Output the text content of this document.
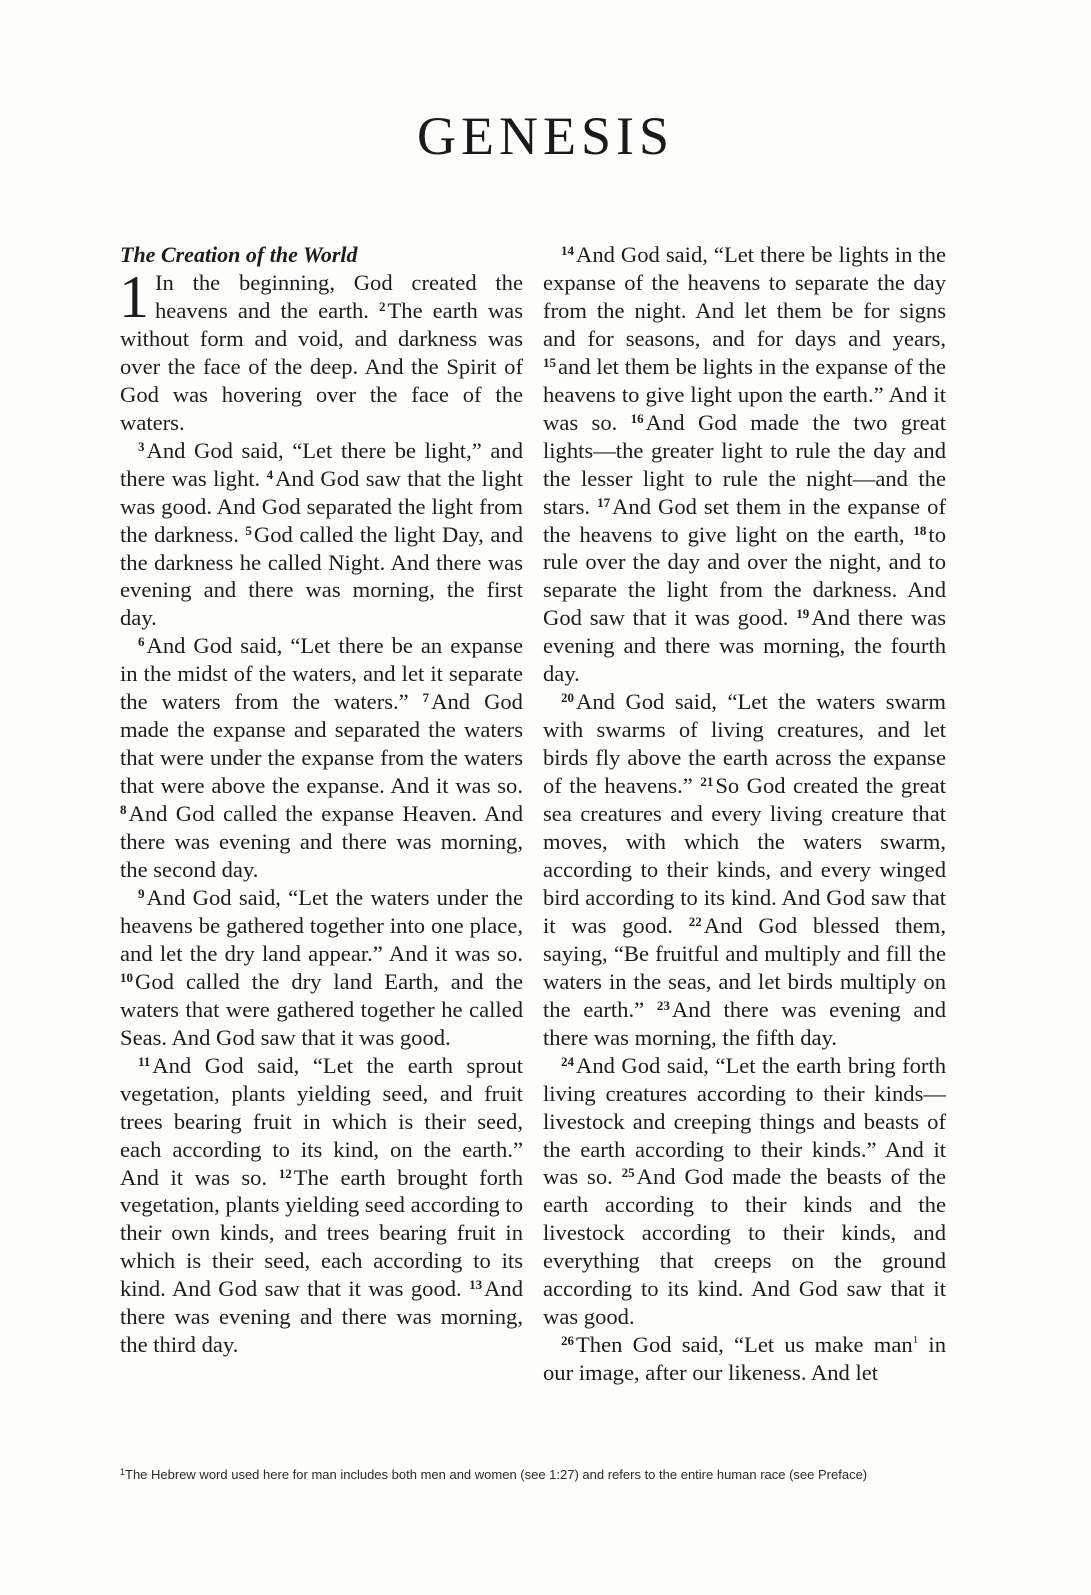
GENESIS
The Creation of the World

1 In the beginning, God created the heavens and the earth. $^2$The earth was without form and void, and darkness was over the face of the deep. And the Spirit of God was hovering over the face of the waters.

$^3$And God said, “Let there be light,” and there was light. $^4$And God saw that the light was good. And God separated the light from the darkness. $^5$God called the light Day, and the darkness he called Night. And there was evening and there was morning, the first day.

$^6$And God said, “Let there be an expanse in the midst of the waters, and let it separate the waters from the waters.” $^7$And God made the expanse and separated the waters that were under the expanse from the waters that were above the expanse. And it was so. $^8$And God called the expanse Heaven. And there was evening and there was morning, the second day.

$^9$And God said, “Let the waters under the heavens be gathered together into one place, and let the dry land appear.” And it was so. $^{10}$God called the dry land Earth, and the waters that were gathered together he called Seas. And God saw that it was good.

$^{11}$And God said, “Let the earth sprout vegetation, plants yielding seed, and fruit trees bearing fruit in which is their seed, each according to its kind, on the earth.” And it was so. $^{12}$The earth brought forth vegetation, plants yielding seed according to their own kinds, and trees bearing fruit in which is their seed, each according to its kind. And God saw that it was good. $^{13}$And there was evening and there was morning, the third day.

$^{14}$And God said, “Let there be lights in the expanse of the heavens to separate the day from the night. And let them be for signs and for seasons, and for days and years, $^{15}$and let them be lights in the expanse of the heavens to give light upon the earth.” And it was so. $^{16}$And God made the two great lights—the greater light to rule the day and the lesser light to rule the night—and the stars. $^{17}$And God set them in the expanse of the heavens to give light on the earth, $^{18}$to rule over the day and over the night, and to separate the light from the darkness. And God saw that it was good. $^{19}$And there was evening and there was morning, the fourth day.

$^{20}$And God said, “Let the waters swarm with swarms of living creatures, and let birds fly above the earth across the expanse of the heavens.” $^{21}$So God created the great sea creatures and every living creature that moves, with which the waters swarm, according to their kinds, and every winged bird according to its kind. And God saw that it was good. $^{22}$And God blessed them, saying, “Be fruitful and multiply and fill the waters in the seas, and let birds multiply on the earth.” $^{23}$And there was evening and there was morning, the fifth day.

$^{24}$And God said, “Let the earth bring forth living creatures according to their kinds—livestock and creeping things and beasts of the earth according to their kinds.” And it was so. $^{25}$And God made the beasts of the earth according to their kinds and the livestock according to their kinds, and everything that creeps on the ground according to its kind. And God saw that it was good.

$^{26}$Then God said, “Let us make man$^1$ in our image, after our likeness. And let

$^1$The Hebrew word used here for man includes both men and women (see 1:27) and refers to the entire human race (see Preface)
